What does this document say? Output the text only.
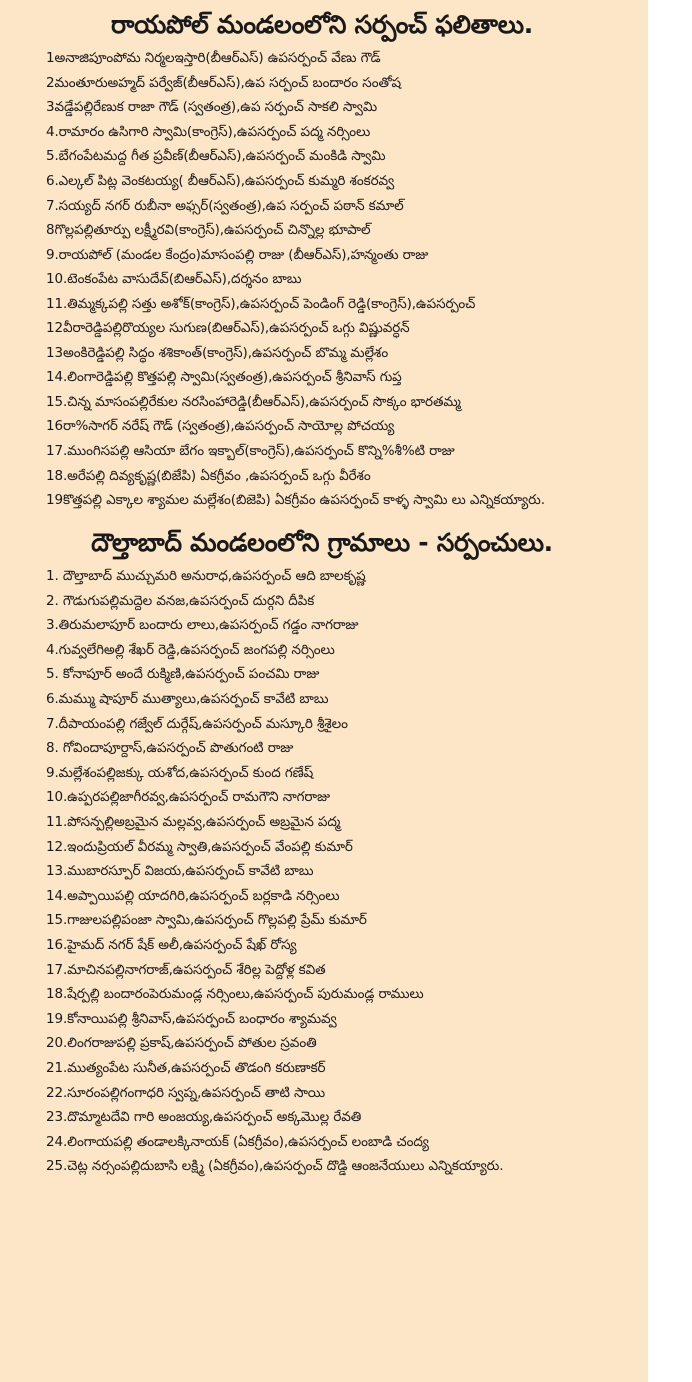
రాయపోల్ మండలంలోని సర్పంచ్ ఫలితాలు.
1అనాజిపూంపోమ నిర్మలఇస్తారి(బీఆర్ఎస్) ఉపసర్పంచ్ వేణు గౌడ్
2మంతూరుఅహ్మద్ పర్వేజ్(బీఆర్ఎస్),ఉప సర్పంచ్ బందారం సంతోష
3వడ్డేపల్లిరేణుక రాజా గౌడ్ (స్వతంత్ర),ఉప సర్పంచ్ సాకలి స్వామి
4.రామారం ఉసిగారి స్వామి(కాంగ్రెస్),ఉపసర్పంచ్ పద్మ నర్సింలు
5.బేగంపేటమద్ద గీత ప్రవీణ్(బీఆర్ఎస్),ఉపసర్పంచ్ మంకిడి స్వామి
6.ఎల్కల్ పిట్ల వెంకటయ్య( బీఆర్ఎస్),ఉపసర్పంచ్ కుమ్మరి శంకరవ్వ
7.సయ్యద్ నగర్ రుబీనా అఫ్సర్(స్వతంత్ర),ఉప సర్పంచ్ పఠాన్ కమాల్
8గొల్లపల్లితూర్పు లక్ష్మీరవి(కాంగ్రెస్),ఉపసర్పంచ్ చిన్నొల్ల భూపాల్
9.రాయపోల్ (మండల కేంద్రం)మాసంపల్లి రాజు (బీఆర్ఎస్),హన్మంతు రాజు
10.టెంకంపేట వాసుదేవ్(బిఆర్ఎస్),దర్శనం బాబు
11.తిమ్మక్కపల్లి సత్తు అశోక్(కాంగ్రెస్),ఉపసర్పంచ్ పెండింగ్ రెడ్డి(కాంగ్రెస్),ఉపసర్పంచ్
12వీరారెడ్డిపల్లిరొయ్యల సుగుణ(బిఆర్ఎస్),ఉపసర్పంచ్ ఒగ్గు విష్ణువర్ధన్
13అంకిరెడ్డిపల్లి సిద్ధం శశికాంత్(కాంగ్రెస్),ఉపసర్పంచ్ బొమ్మ మల్లేశం
14.లింగారెడ్డిపల్లి కొత్తపల్లి స్వామి(స్వతంత్ర),ఉపసర్పంచ్ శ్రీనివాస్ గుప్త
15.చిన్న మాసంపల్లిరేకుల నరసింహారెడ్డి(బీఆర్ఎస్),ఉపసర్పంచ్ సొక్కం భారతమ్మ
16రా%సాగర్ నరేష్ గౌడ్ (స్వతంత్ర),ఉపసర్పంచ్ సాయోల్ల పోచయ్య
17.ముంగిసపల్లి ఆసియా బేగం ఇక్బాల్(కాంగ్రెస్),ఉపసర్పంచ్ కొన్ని%శీ%టి రాజు
18.అరేపల్లి దివ్యకృష్ణ(బిజేపి) ఏకగ్రీవం ,ఉపసర్పంచ్ ఒగ్గు వీరేశం
19కొత్తపల్లి ఎక్కాల శ్యామల మల్లేశం(బిజెపి) ఏకగ్రీవం ఉపసర్పంచ్ కాళ్ళ స్వామి లు ఎన్నికయ్యారు.
దౌల్తాబాద్ మండలంలోని గ్రామాలు - సర్పంచులు.
1. దౌల్తాబాద్ ముచ్చుమరి అనురాధ,ఉపసర్పంచ్ ఆది బాలకృష్ణ
2. గౌడుగుపల్లిమద్దెల వనజ,ఉపసర్పంచ్ దుర్గని దీపిక
3.తిరుమలాపూర్ బందారు లాలు,ఉపసర్పంచ్ గడ్డం నాగరాజు
4.గువ్వలేగిఅల్లి శేఖర్ రెడ్డి,ఉపసర్పంచ్ జంగపల్లి నర్సింలు
5. కోనాపూర్ అందే రుక్మిణి,ఉపసర్పంచ్ పంచమి రాజు
6.మమ్ము షాపూర్ ముత్యాలు,ఉపసర్పంచ్ కావేటి బాబు
7.దీపాయంపల్లి గజ్వేల్ దుర్గేష్,ఉపసర్పంచ్ మస్కూరి శ్రీశైలం
8. గోవిందాపూర్దాస్,ఉపసర్పంచ్ పొతుగంటి రాజు
9.మల్లేశంపల్లిజక్కు యశోద,ఉపసర్పంచ్ కుంద గణేష్
10.ఉప్పరపల్లిజాగీరవ్వ,ఉపసర్పంచ్ రామగౌని నాగరాజు
11.పోసన్పల్లిఅబ్రమైన మల్లవ్వ,ఉపసర్పంచ్ అబ్రమైన పద్మ
12.ఇందుప్రియల్ వీరమ్మ స్వాతి,ఉపసర్పంచ్ వేంపల్లి కుమార్
13.ముబారస్పూర్ విజయ,ఉపసర్పంచ్ కావేటి బాబు
14.అప్పాయిపల్లి యాదగిరి,ఉపసర్పంచ్ బర్లకాడి నర్సింలు
15.గాజులపల్లిపంజా స్వామి,ఉపసర్పంచ్ గొల్లపల్లి ప్రేమ్ కుమార్
16.హైమద్ నగర్ షేక్ అలీ,ఉపసర్పంచ్ షేఖ్ రోస్య
17.మాచినపల్లినాగరాజ్,ఉపసర్పంచ్ శేరిల్ల పెద్దోళ్ల కవిత
18.షేర్పల్లి బందారంపెరుమండ్ల నర్సింలు,ఉపసర్పంచ్ పురుమండ్ల రాములు
19.కోనాయిపల్లి శ్రీనివాస్,ఉపసర్పంచ్ బంధారం శ్యామవ్వ
20.లింగరాజుపల్లి ప్రకాష్,ఉపసర్పంచ్ పోతుల స్రవంతి
21.ముత్యంపేట సునీత,ఉపసర్పంచ్ తొడంగి కరుణాకర్
22.సూరంపల్లిగంగాధరి స్వప్న,ఉపసర్పంచ్ తాటి సాయి
23.దొమ్మాటదేవి గారి అంజయ్య,ఉపసర్పంచ్ అక్కమొల్ల రేవతి
24.లింగాయపల్లి తండాలక్కినాయక్ (ఏకగ్రీవం),ఉపసర్పంచ్ లంబాడి చంద్య
25.చెట్ల నర్సంపల్లిదుబాసి లక్ష్మి (ఏకగ్రీవం),ఉపసర్పంచ్ దొడ్డి ఆంజనేయులు ఎన్నికయ్యారు.
